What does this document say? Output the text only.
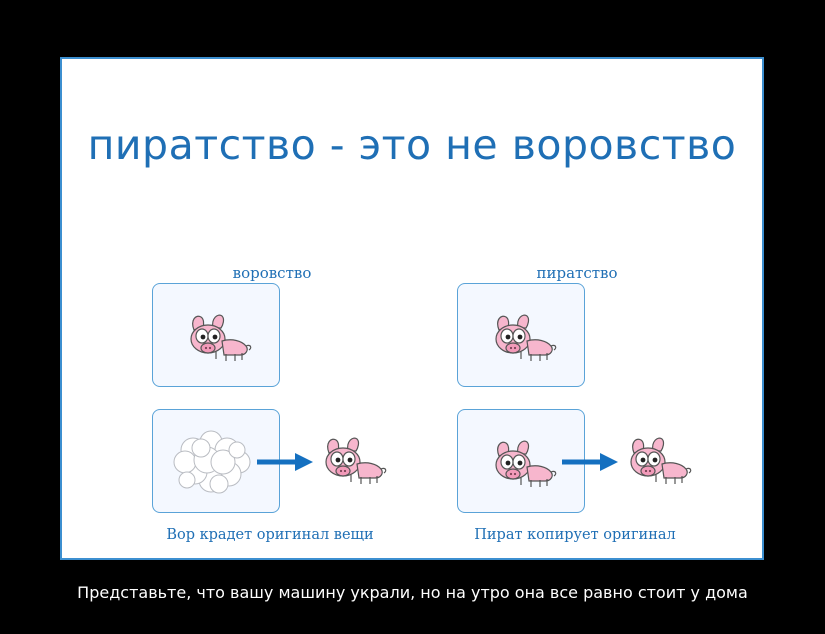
пиратство - это не воровство
воровство	пиратство
Вор крадет оригинал вещи	Пират копирует оригинал
Представьте, что вашу машину украли, но на утро она все равно стоит у дома
